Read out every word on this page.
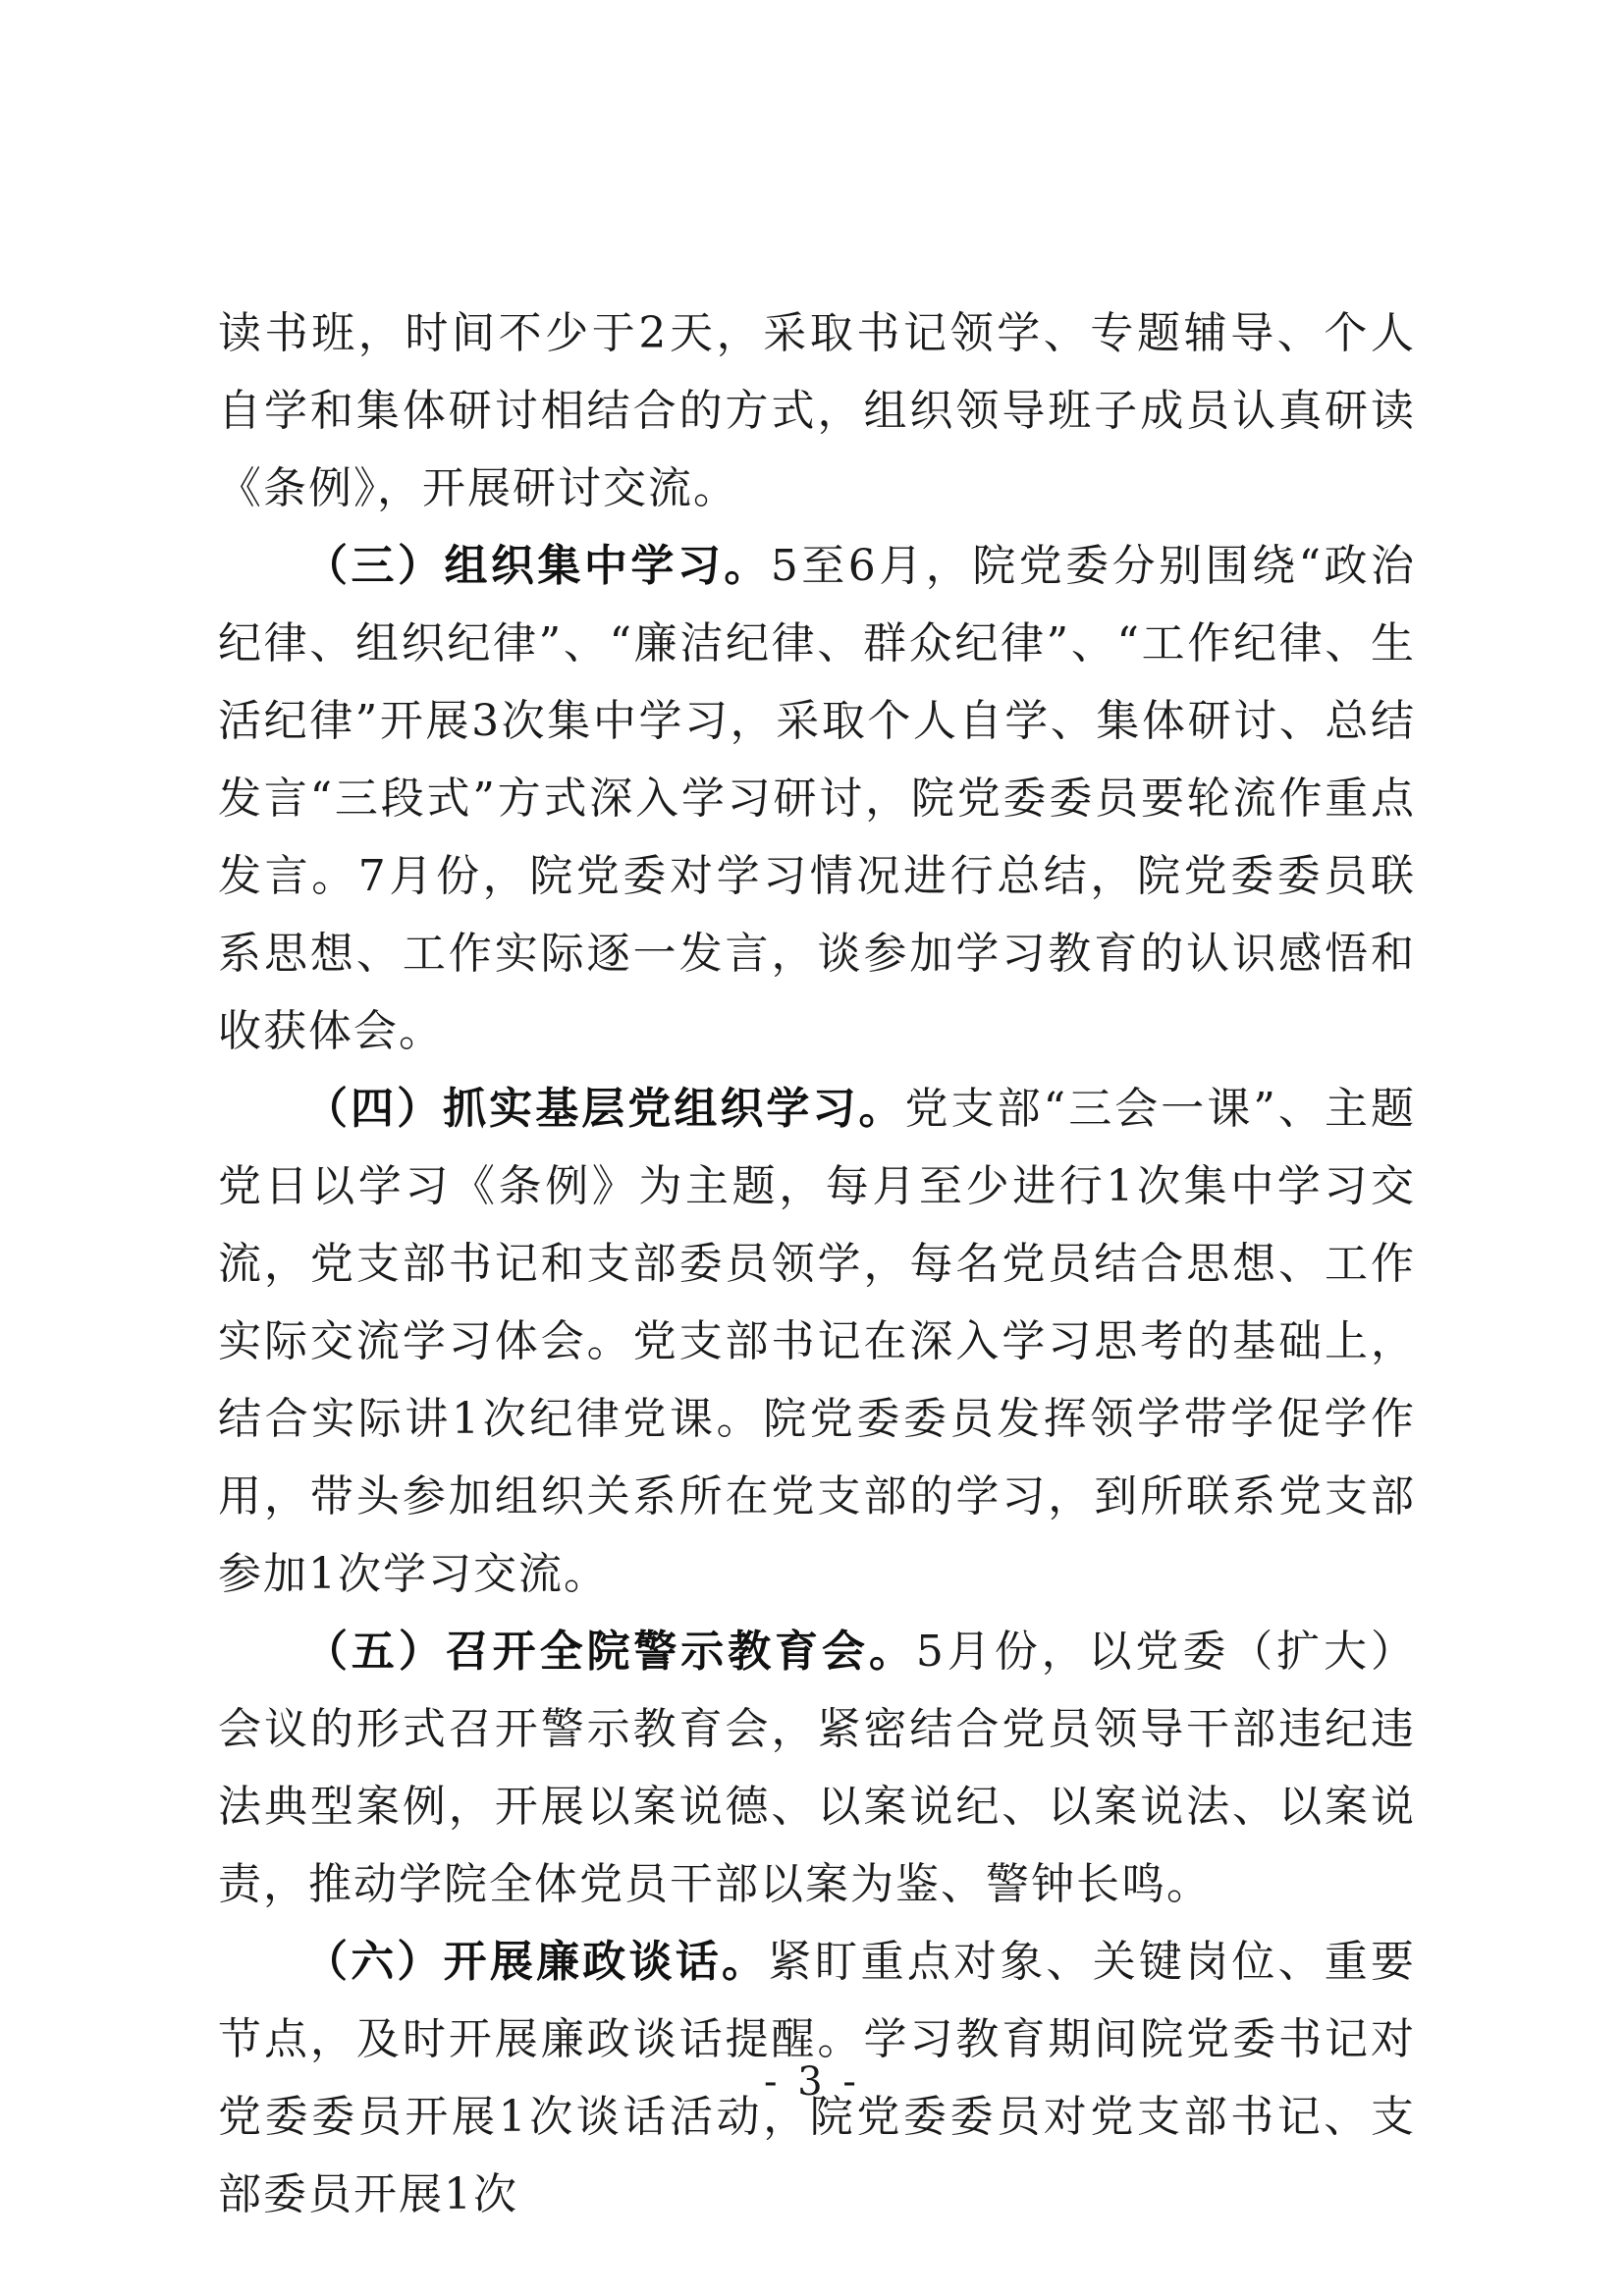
读书班，时间不少于2天，采取书记领学、专题辅导、个人自学和集体研讨相结合的方式，组织领导班子成员认真研读《条例》，开展研讨交流。

（三）组织集中学习。5至6月，院党委分别围绕“政治纪律、组织纪律”、“廉洁纪律、群众纪律”、“工作纪律、生活纪律”开展3次集中学习，采取个人自学、集体研讨、总结发言“三段式”方式深入学习研讨，院党委委员要轮流作重点发言。7月份，院党委对学习情况进行总结，院党委委员联系思想、工作实际逐一发言，谈参加学习教育的认识感悟和收获体会。

（四）抓实基层党组织学习。党支部“三会一课”、主题党日以学习《条例》为主题，每月至少进行1次集中学习交流，党支部书记和支部委员领学，每名党员结合思想、工作实际交流学习体会。党支部书记在深入学习思考的基础上，结合实际讲1次纪律党课。院党委委员发挥领学带学促学作用，带头参加组织关系所在党支部的学习，到所联系党支部参加1次学习交流。

（五）召开全院警示教育会。5月份，以党委（扩大）会议的形式召开警示教育会，紧密结合党员领导干部违纪违法典型案例，开展以案说德、以案说纪、以案说法、以案说责，推动学院全体党员干部以案为鉴、警钟长鸣。

（六）开展廉政谈话。紧盯重点对象、关键岗位、重要节点，及时开展廉政谈话提醒。学习教育期间院党委书记对党委委员开展1次谈话活动，院党委委员对党支部书记、支部委员开展1次

- 3 -
